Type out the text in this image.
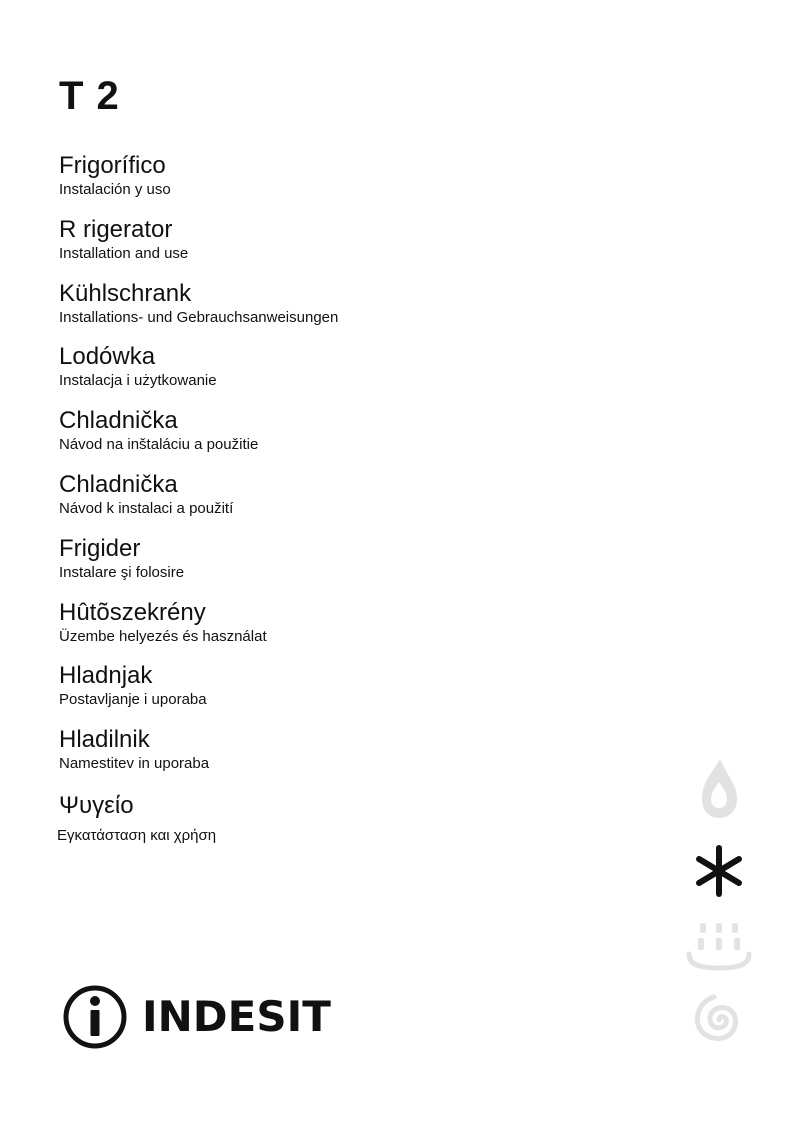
T 2
Frigorífico
Instalación y uso
R rigerator
Installation and use
Kühlschrank
Installations- und Gebrauchsanweisungen
Lodówka
Instalacja i użytkowanie
Chladnička
Návod na inštaláciu a použitie
Chladnička
Návod k instalaci a použití
Frigider
Instalare şi folosire
Hûtõszekrény
Üzembe helyezés és használat
Hladnjak
Postavljanje i uporaba
Hladilnik
Namestitev in uporaba
Ψυγείο
Εγκατάσταση και χρήση
INDESIT
